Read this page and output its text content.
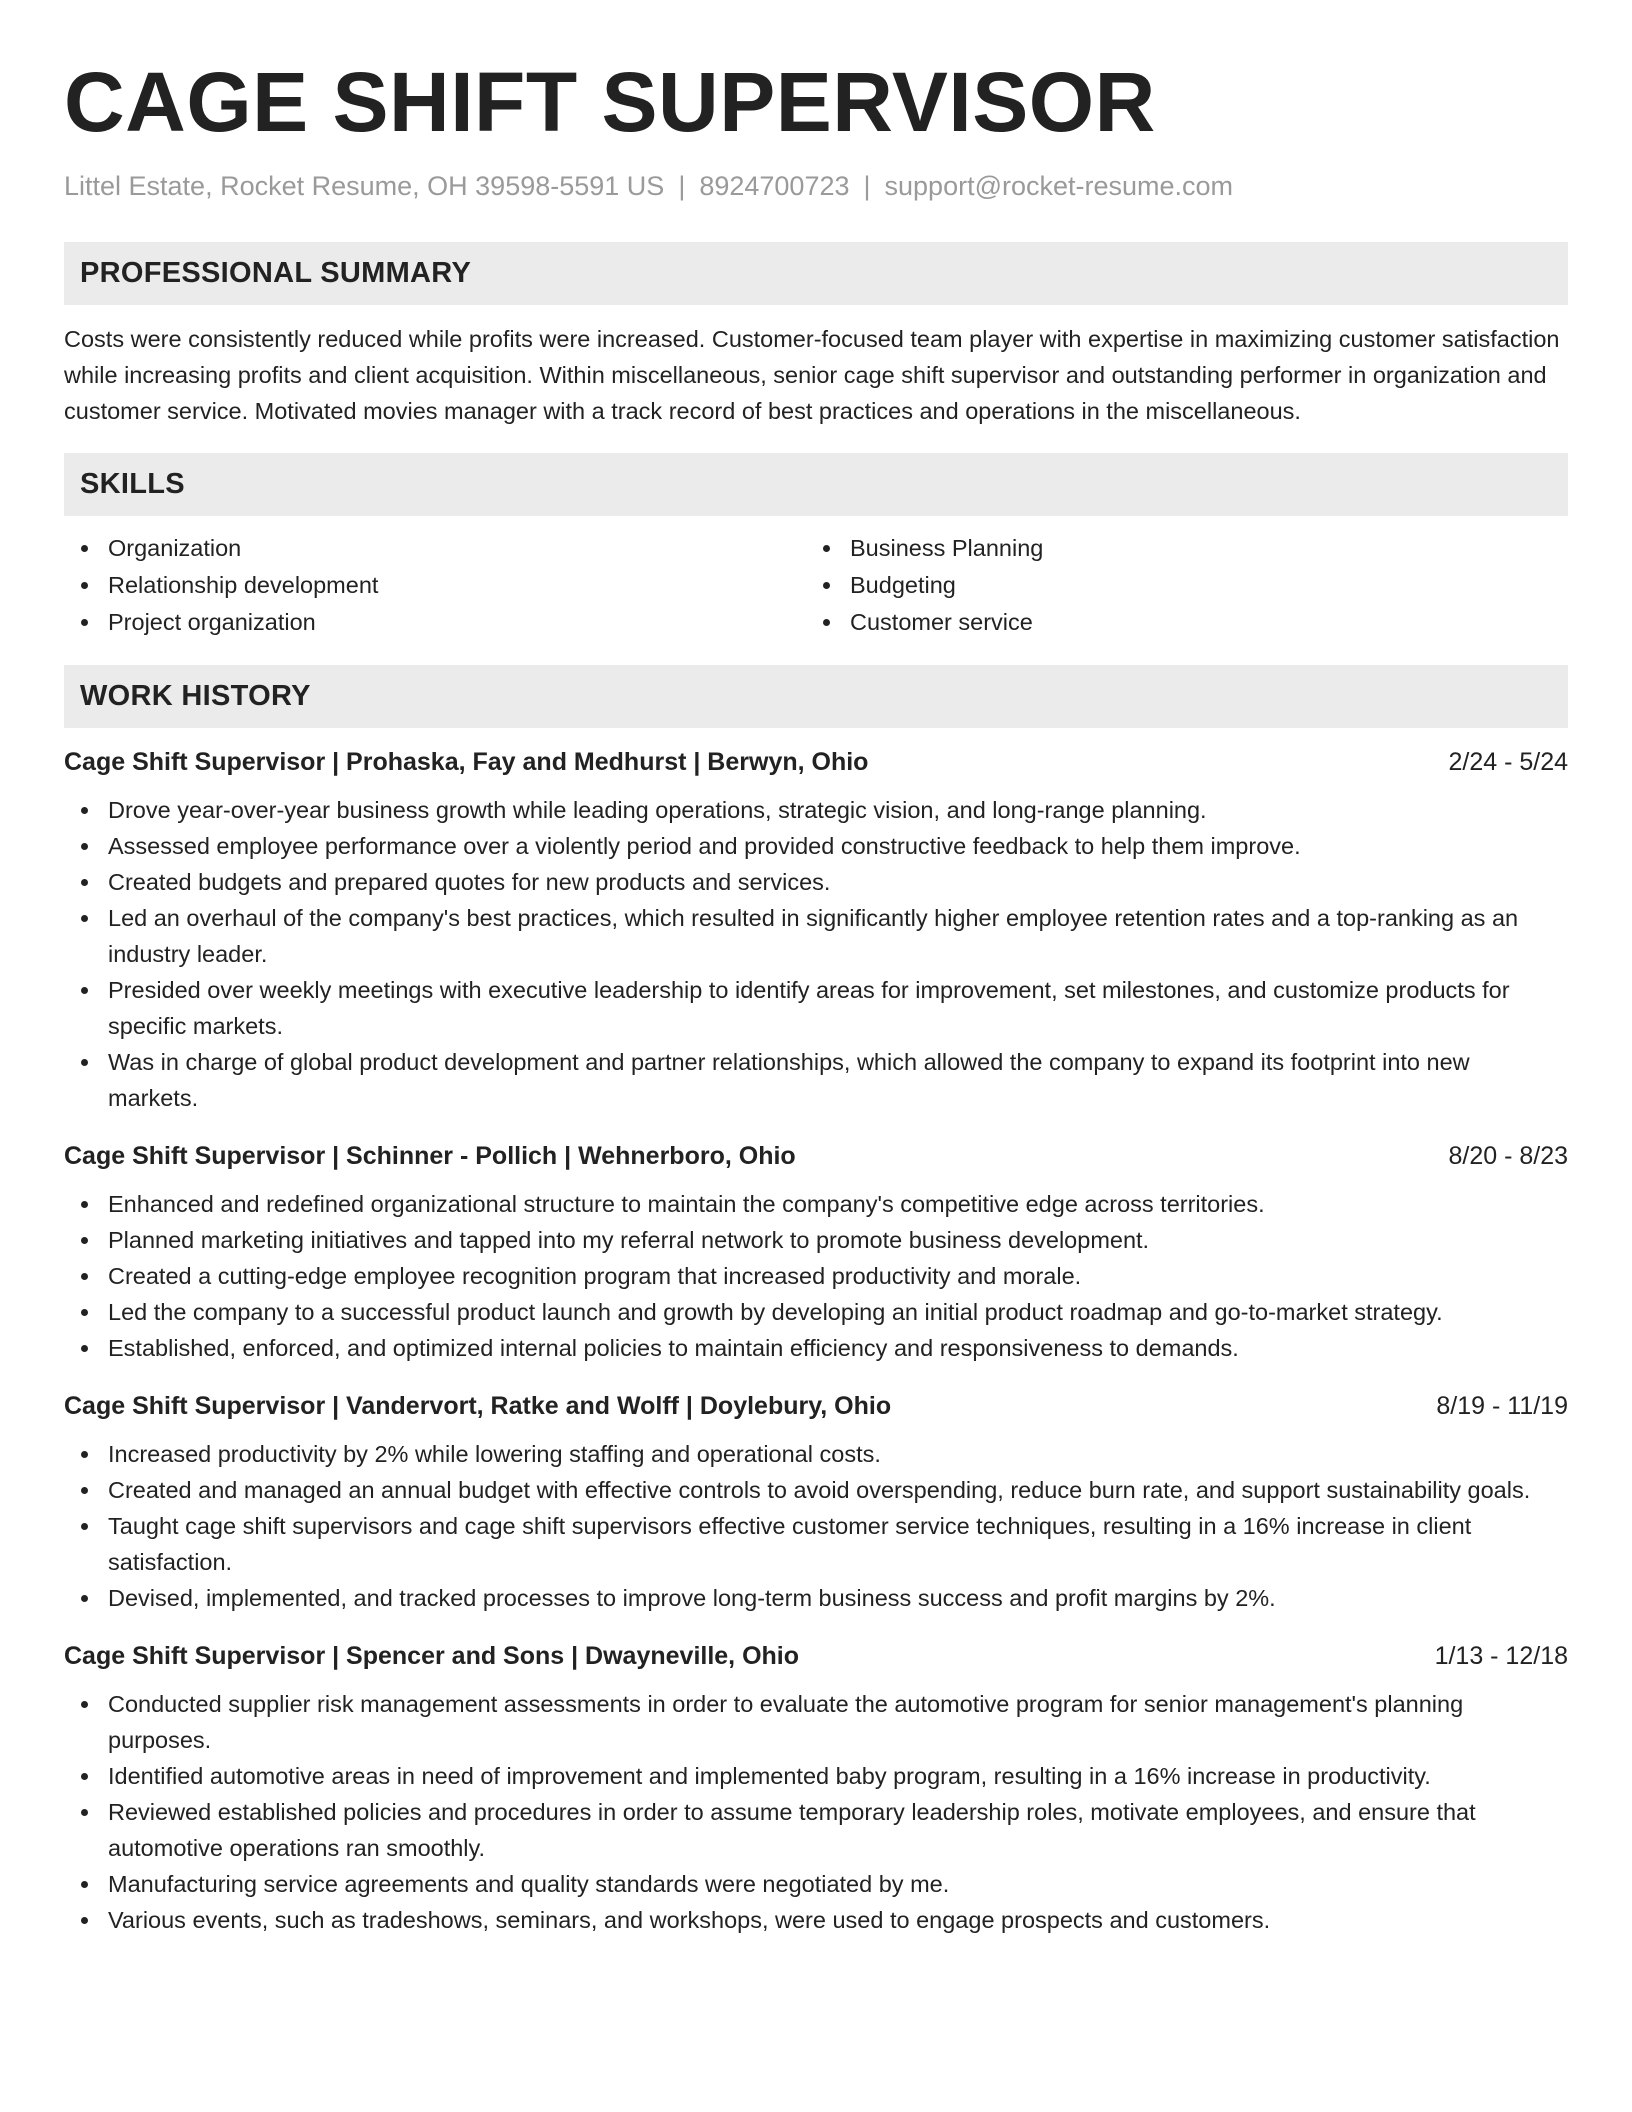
CAGE SHIFT SUPERVISOR
Littel Estate, Rocket Resume, OH 39598-5591 US | 8924700723 | support@rocket-resume.com
PROFESSIONAL SUMMARY

Costs were consistently reduced while profits were increased. Customer-focused team player with expertise in maximizing customer satisfaction while increasing profits and client acquisition. Within miscellaneous, senior cage shift supervisor and outstanding performer in organization and customer service. Motivated movies manager with a track record of best practices and operations in the miscellaneous.

SKILLS
Organization
Relationship development
Project organization
Business Planning
Budgeting
Customer service
WORK HISTORY
Cage Shift Supervisor | Prohaska, Fay and Medhurst | Berwyn, Ohio	2/24 - 5/24
Drove year-over-year business growth while leading operations, strategic vision, and long-range planning.
Assessed employee performance over a violently period and provided constructive feedback to help them improve.
Created budgets and prepared quotes for new products and services.
Led an overhaul of the company's best practices, which resulted in significantly higher employee retention rates and a top-ranking as an industry leader.
Presided over weekly meetings with executive leadership to identify areas for improvement, set milestones, and customize products for specific markets.
Was in charge of global product development and partner relationships, which allowed the company to expand its footprint into new markets.
Cage Shift Supervisor | Schinner - Pollich | Wehnerboro, Ohio	8/20 - 8/23
Enhanced and redefined organizational structure to maintain the company's competitive edge across territories.
Planned marketing initiatives and tapped into my referral network to promote business development.
Created a cutting-edge employee recognition program that increased productivity and morale.
Led the company to a successful product launch and growth by developing an initial product roadmap and go-to-market strategy.
Established, enforced, and optimized internal policies to maintain efficiency and responsiveness to demands.
Cage Shift Supervisor | Vandervort, Ratke and Wolff | Doylebury, Ohio	8/19 - 11/19
Increased productivity by 2% while lowering staffing and operational costs.
Created and managed an annual budget with effective controls to avoid overspending, reduce burn rate, and support sustainability goals.
Taught cage shift supervisors and cage shift supervisors effective customer service techniques, resulting in a 16% increase in client satisfaction.
Devised, implemented, and tracked processes to improve long-term business success and profit margins by 2%.
Cage Shift Supervisor | Spencer and Sons | Dwayneville, Ohio	1/13 - 12/18
Conducted supplier risk management assessments in order to evaluate the automotive program for senior management's planning purposes.
Identified automotive areas in need of improvement and implemented baby program, resulting in a 16% increase in productivity.
Reviewed established policies and procedures in order to assume temporary leadership roles, motivate employees, and ensure that automotive operations ran smoothly.
Manufacturing service agreements and quality standards were negotiated by me.
Various events, such as tradeshows, seminars, and workshops, were used to engage prospects and customers.
